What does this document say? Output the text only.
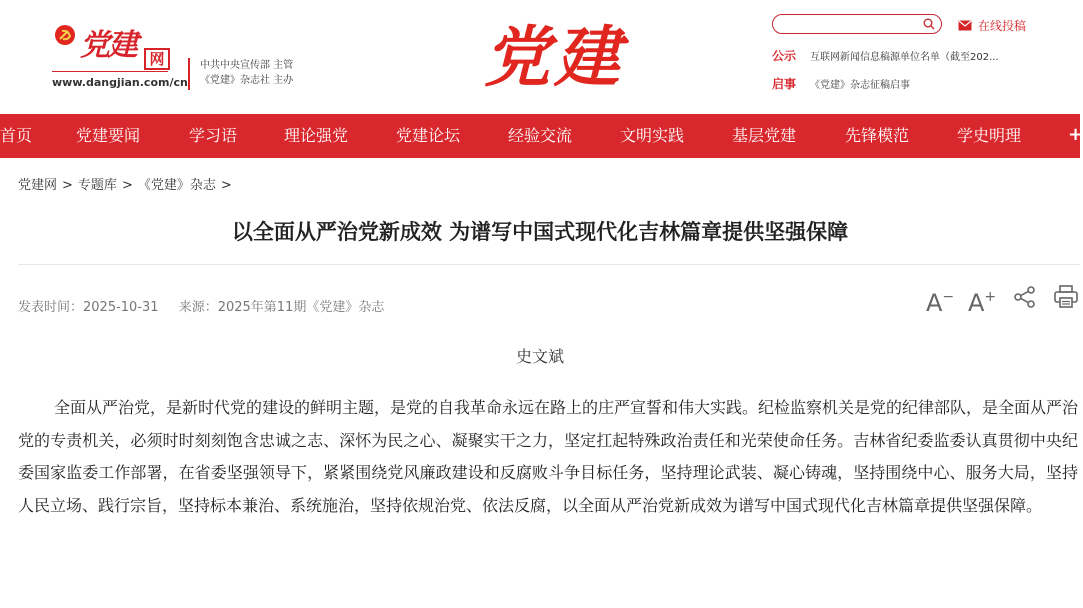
党建 网
www.dangjian.com/cn
中共中央宣传部 主管
《党建》杂志社 主办	党建	在线投稿
公示 互联网新闻信息稿源单位名单（截至202...
启事 《党建》杂志征稿启事
首页	党建要闻	学习语	理论强党	党建论坛	经验交流	文明实践	基层党建	先锋模范	学史明理	+
党建网 > 专题库 > 《党建》杂志 >
以全面从严治党新成效 为谱写中国式现代化吉林篇章提供坚强保障
发表时间：2025-10-31 来源：2025年第11期《党建》杂志	A− A+
史文斌

全面从严治党，是新时代党的建设的鲜明主题，是党的自我革命永远在路上的庄严宣誓和伟大实践。纪检监察机关是党的纪律部队，是全面从严治党的专责机关，必须时时刻刻饱含忠诚之志、深怀为民之心、凝聚实干之力，坚定扛起特殊政治责任和光荣使命任务。吉林省纪委监委认真贯彻中央纪委国家监委工作部署，在省委坚强领导下，紧紧围绕党风廉政建设和反腐败斗争目标任务，坚持理论武装、凝心铸魂，坚持围绕中心、服务大局，坚持人民立场、践行宗旨，坚持标本兼治、系统施治，坚持依规治党、依法反腐，以全面从严治党新成效为谱写中国式现代化吉林篇章提供坚强保障。
